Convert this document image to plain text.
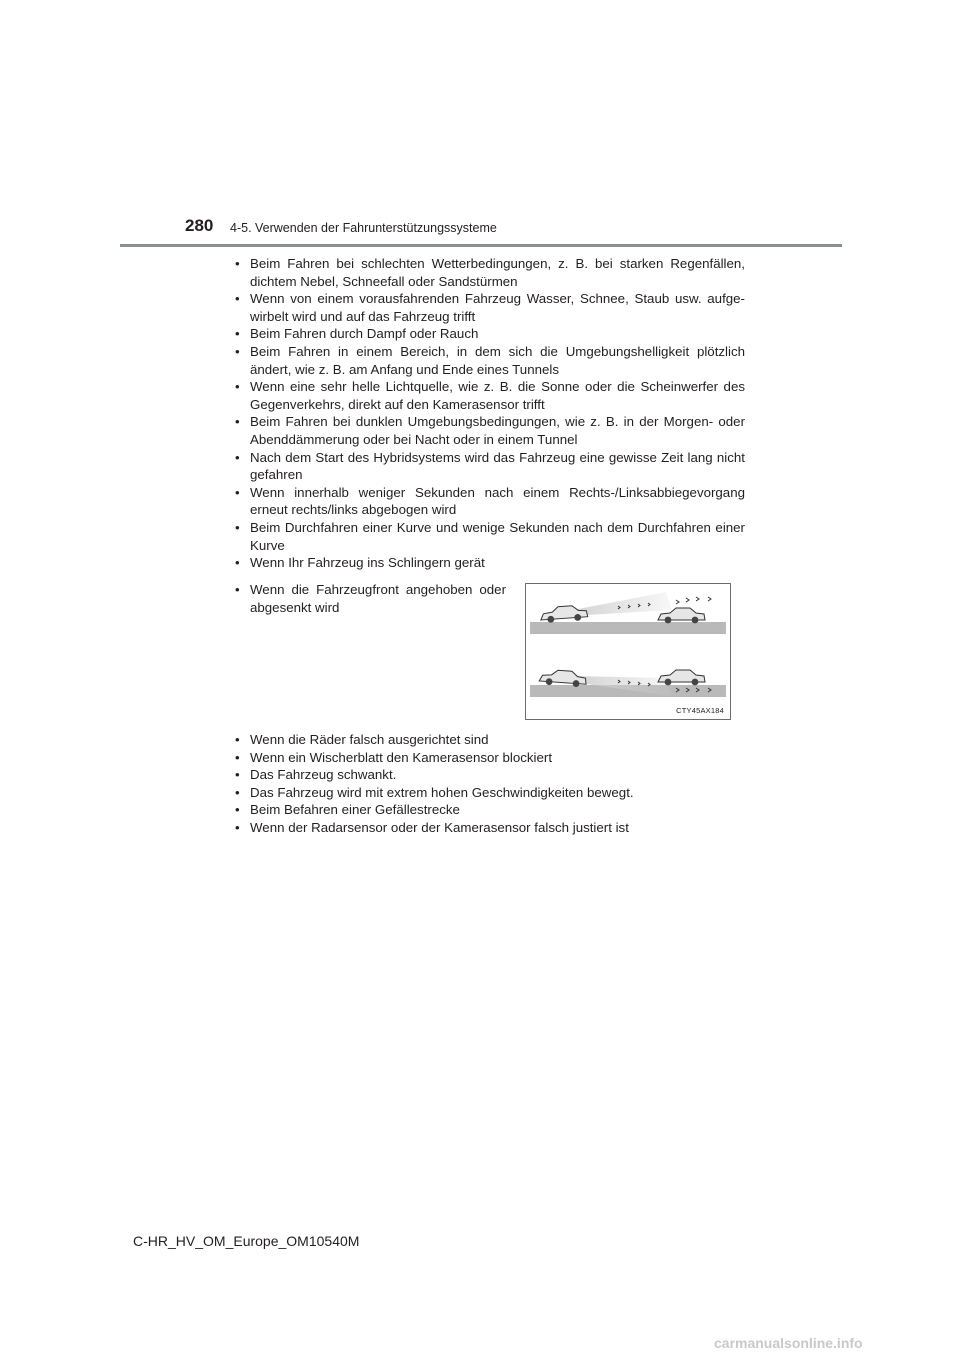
280 4-5. Verwenden der Fahrunterstützungssysteme
• Beim Fahren bei schlechten Wetterbedingungen, z. B. bei starken Regenfällen, dichtem Nebel, Schneefall oder Sandstürmen
• Wenn von einem vorausfahrenden Fahrzeug Wasser, Schnee, Staub usw. aufge-wirbelt wird und auf das Fahrzeug trifft
• Beim Fahren durch Dampf oder Rauch
• Beim Fahren in einem Bereich, in dem sich die Umgebungshelligkeit plötzlich ändert, wie z. B. am Anfang und Ende eines Tunnels
• Wenn eine sehr helle Lichtquelle, wie z. B. die Sonne oder die Scheinwerfer des Gegenverkehrs, direkt auf den Kamerasensor trifft
• Beim Fahren bei dunklen Umgebungsbedingungen, wie z. B. in der Morgen- oder Abenddämmerung oder bei Nacht oder in einem Tunnel
• Nach dem Start des Hybridsystems wird das Fahrzeug eine gewisse Zeit lang nicht gefahren
• Wenn innerhalb weniger Sekunden nach einem Rechts-/Linksabbiegevorgang erneut rechts/links abgebogen wird
• Beim Durchfahren einer Kurve und wenige Sekunden nach dem Durchfahren einer Kurve
• Wenn Ihr Fahrzeug ins Schlingern gerät
• Wenn die Fahrzeugfront angehoben oder abgesenkt wird
CTY45AX184
• Wenn die Räder falsch ausgerichtet sind
• Wenn ein Wischerblatt den Kamerasensor blockiert
• Das Fahrzeug schwankt.
• Das Fahrzeug wird mit extrem hohen Geschwindigkeiten bewegt.
• Beim Befahren einer Gefällestrecke
• Wenn der Radarsensor oder der Kamerasensor falsch justiert ist
C-HR_HV_OM_Europe_OM10540M
carmanualsonline.info
